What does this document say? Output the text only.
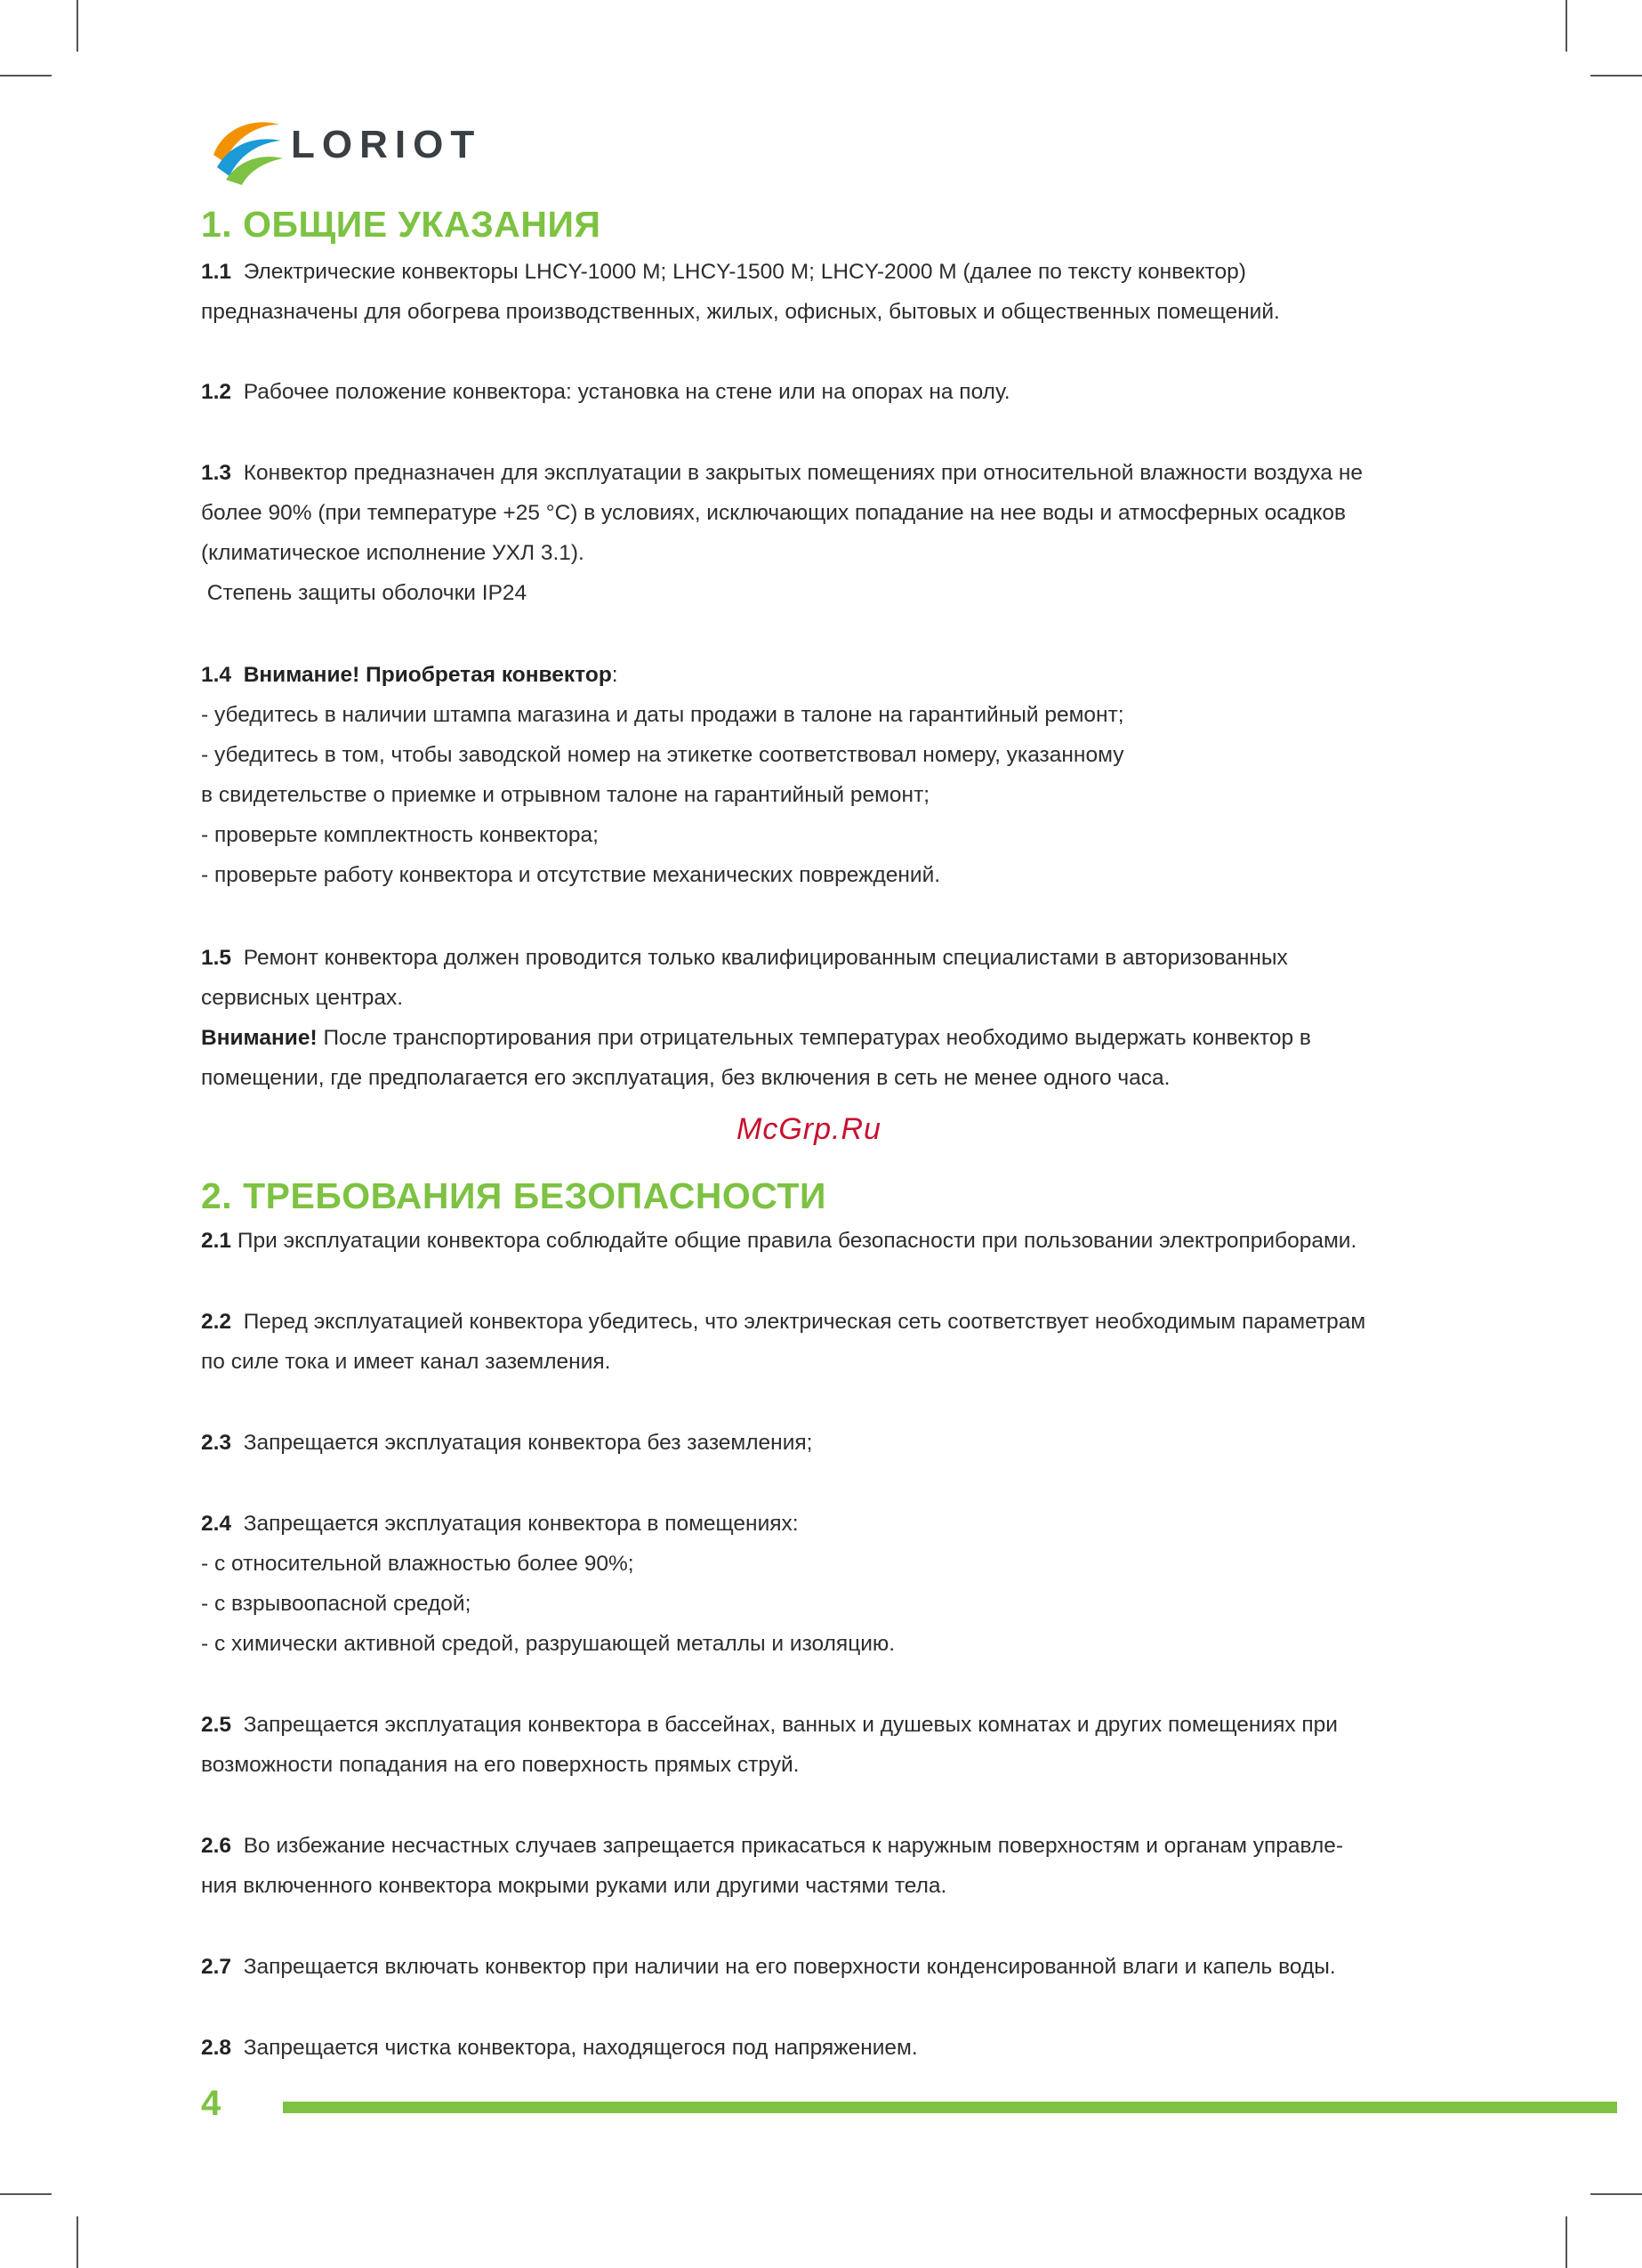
LORIOT
1. ОБЩИЕ УКАЗАНИЯ
1.1 Электрические конвекторы LHCY-1000 M; LHCY-1500 M; LHCY-2000 M (далее по тексту конвектор)
предназначены для обогрева производственных, жилых, офисных, бытовых и общественных помещений.
1.2 Рабочее положение конвектора: установка на стене или на опорах на полу.
1.3 Конвектор предназначен для эксплуатации в закрытых помещениях при относительной влажности воздуха не
более 90% (при температуре +25 °С) в условиях, исключающих попадание на нее воды и атмосферных осадков
(климатическое исполнение УХЛ 3.1).
Степень защиты оболочки IP24
1.4 Внимание! Приобретая конвектор:
- убедитесь в наличии штампа магазина и даты продажи в талоне на гарантийный ремонт;
- убедитесь в том, чтобы заводской номер на этикетке соответствовал номеру, указанному
в свидетельстве о приемке и отрывном талоне на гарантийный ремонт;
- проверьте комплектность конвектора;
- проверьте работу конвектора и отсутствие механических повреждений.
1.5 Ремонт конвектора должен проводится только квалифицированным специалистами в авторизованных
сервисных центрах.
Внимание! После транспортирования при отрицательных температурах необходимо выдержать конвектор в
помещении, где предполагается его эксплуатация, без включения в сеть не менее одного часа.
McGrp.Ru
2. ТРЕБОВАНИЯ БЕЗОПАСНОСТИ
2.1 При эксплуатации конвектора соблюдайте общие правила безопасности при пользовании электроприборами.
2.2 Перед эксплуатацией конвектора убедитесь, что электрическая сеть соответствует необходимым параметрам
по силе тока и имеет канал заземления.
2.3 Запрещается эксплуатация конвектора без заземления;
2.4 Запрещается эксплуатация конвектора в помещениях:
- с относительной влажностью более 90%;
- с взрывоопасной средой;
- с химически активной средой, разрушающей металлы и изоляцию.
2.5 Запрещается эксплуатация конвектора в бассейнах, ванных и душевых комнатах и других помещениях при
возможности попадания на его поверхность прямых струй.
2.6 Во избежание несчастных случаев запрещается прикасаться к наружным поверхностям и органам управле-
ния включенного конвектора мокрыми руками или другими частями тела.
2.7 Запрещается включать конвектор при наличии на его поверхности конденсированной влаги и капель воды.
2.8 Запрещается чистка конвектора, находящегося под напряжением.
4
